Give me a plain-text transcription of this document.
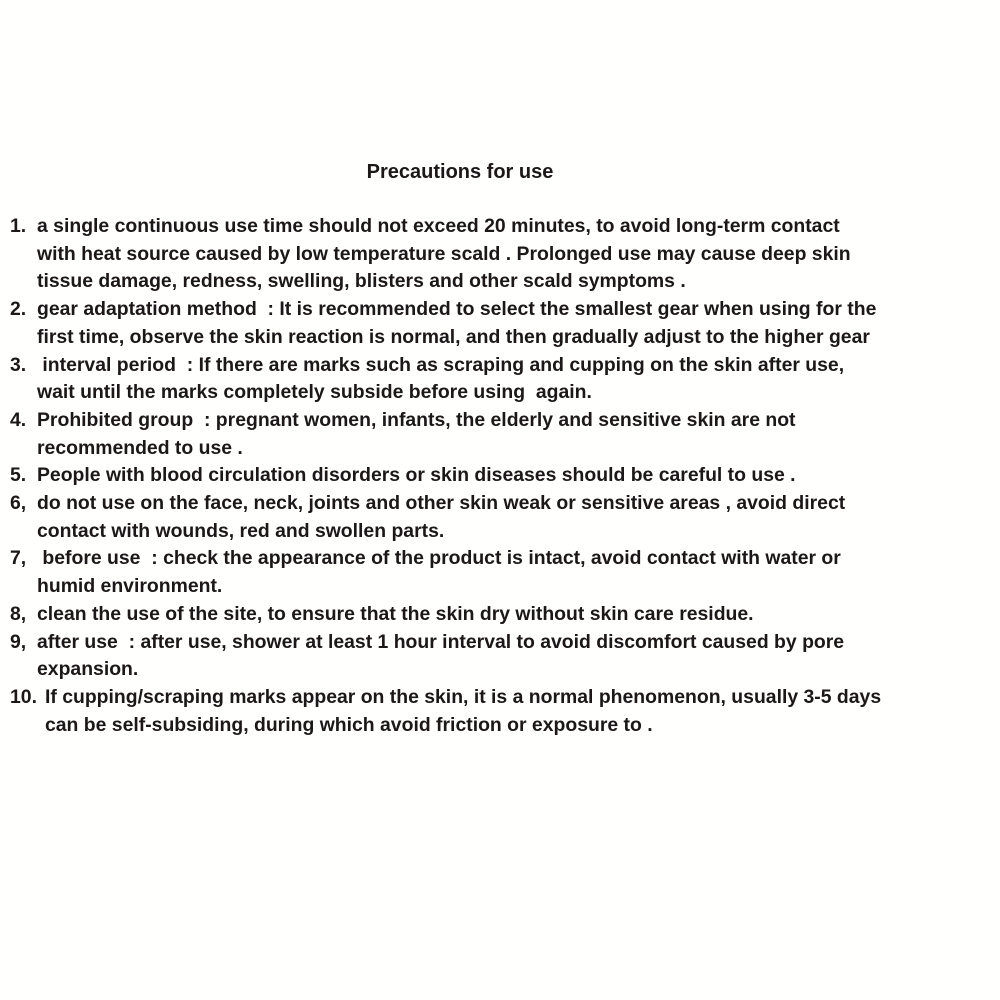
Precautions for use
1. a single continuous use time should not exceed 20 minutes, to avoid long-term contact
with heat source caused by low temperature scald . Prolonged use may cause deep skin
tissue damage, redness, swelling, blisters and other scald symptoms .
2. gear adaptation method  : It is recommended to select the smallest gear when using for the
first time, observe the skin reaction is normal, and then gradually adjust to the higher gear
3. interval period  : If there are marks such as scraping and cupping on the skin after use,
wait until the marks completely subside before using  again.
4. Prohibited group  : pregnant women, infants, the elderly and sensitive skin are not
recommended to use .
5. People with blood circulation disorders or skin diseases should be careful to use .
6, do not use on the face, neck, joints and other skin weak or sensitive areas , avoid direct
contact with wounds, red and swollen parts.
7, before use  : check the appearance of the product is intact, avoid contact with water or
humid environment.
8, clean the use of the site, to ensure that the skin dry without skin care residue.
9, after use  : after use, shower at least 1 hour interval to avoid discomfort caused by pore
expansion.
10. If cupping/scraping marks appear on the skin, it is a normal phenomenon, usually 3-5 days
can be self-subsiding, during which avoid friction or exposure to .
